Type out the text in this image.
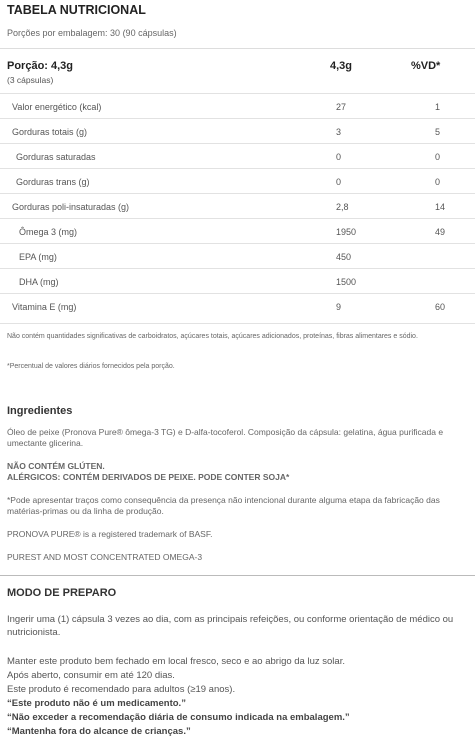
TABELA NUTRICIONAL
Porções por embalagem: 30 (90 cápsulas)
Porção: 4,3g
(3 cápsulas)
4,3g	%VD*
Valor energético (kcal)	27	1
Gorduras totais (g)	3	5
Gorduras saturadas	0	0
Gorduras trans (g)	0	0
Gorduras poli-insaturadas (g)	2,8	14
Ômega 3 (mg)	1950	49
EPA (mg)	450
DHA (mg)	1500
Vitamina E (mg)	9	60
Não contém quantidades significativas de carboidratos, açúcares totais, açúcares adicionados, proteínas, fibras alimentares e sódio.
*Percentual de valores diários fornecidos pela porção.
Ingredientes
Óleo de peixe (Pronova Pure® ômega-3 TG) e D-alfa-tocoferol. Composição da cápsula: gelatina, água purificada e umectante glicerina.
NÃO CONTÉM GLÚTEN.
ALÉRGICOS: CONTÉM DERIVADOS DE PEIXE. PODE CONTER SOJA*
*Pode apresentar traços como consequência da presença não intencional durante alguma etapa da fabricação das matérias-primas ou da linha de produção.
PRONOVA PURE® is a registered trademark of BASF.
PUREST AND MOST CONCENTRATED OMEGA-3
MODO DE PREPARO
Ingerir uma (1) cápsula 3 vezes ao dia, com as principais refeições, ou conforme orientação de médico ou nutricionista.
Manter este produto bem fechado em local fresco, seco e ao abrigo da luz solar.
Após aberto, consumir em até 120 dias.
Este produto é recomendado para adultos (≥19 anos).
“Este produto não é um medicamento.”
“Não exceder a recomendação diária de consumo indicada na embalagem.”
“Mantenha fora do alcance de crianças.”
